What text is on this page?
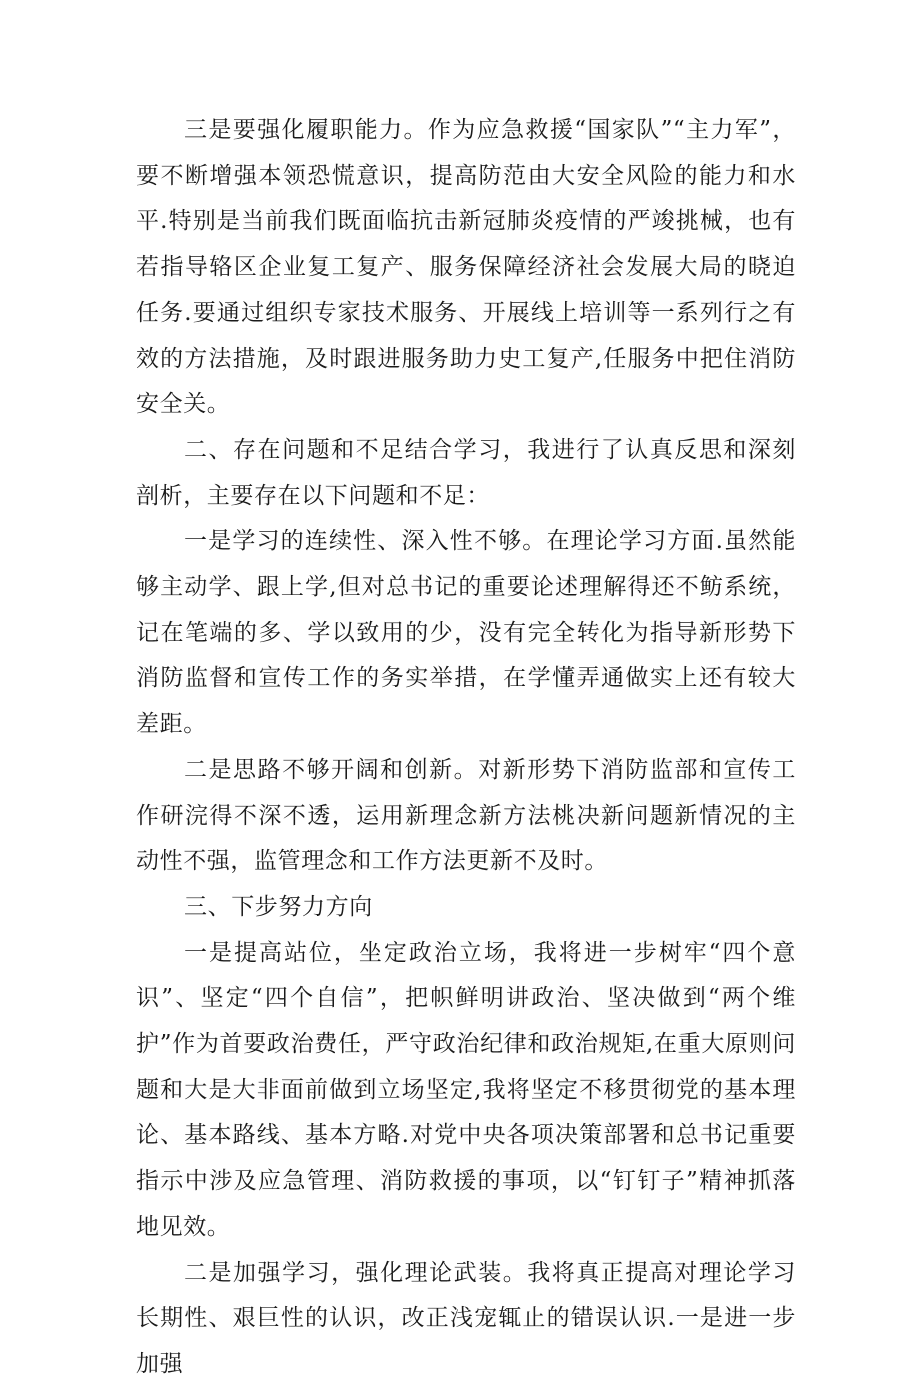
三是要强化履职能力。作为应急救援“国家队”“主力军”，要不断增强本领恐慌意识，提高防范由大安全风险的能力和水平.特别是当前我们既面临抗击新冠肺炎疫情的严竣挑械，也有若指导辂区企业复工复产、服务保障经济社会发展大局的晓迫任务.要通过组织专家技术服务、开展线上培训等一系列行之有效的方法措施，及时跟进服务助力史工复产,任服务中把住消防安全关。

二、存在问题和不足结合学习，我进行了认真反思和深刻剖析，主要存在以下问题和不足：

一是学习的连续性、深入性不够。在理论学习方面.虽然能够主动学、跟上学,但对总书记的重要论述理解得还不鲂系统，记在笔端的多、学以致用的少，没有完全转化为指导新形势下消防监督和宣传工作的务实举措，在学懂弄通做实上还有较大差距。

二是思路不够开阔和创新。对新形势下消防监部和宣传工作研浣得不深不透，运用新理念新方法桃决新问题新情况的主动性不强，监管理念和工作方法更新不及时。

三、下步努力方向

一是提高站位，坐定政治立场，我将进一步树牢“四个意识”、坚定“四个自信”，把帜鲜明讲政治、坚决做到“两个维护”作为首要政治费任，严守政治纪律和政治规矩,在重大原则问题和大是大非面前做到立场坚定,我将坚定不移贯彻党的基本理论、基本路线、基本方略.对党中央各项决策部署和总书记重要指示中涉及应急管理、消防救援的事项，以“钉钉子”精神抓落地见效。

二是加强学习，强化理论武装。我将真正提高对理论学习长期性、艰巨性的认识，改正浅宠辄止的错误认识.一是进一步加强
